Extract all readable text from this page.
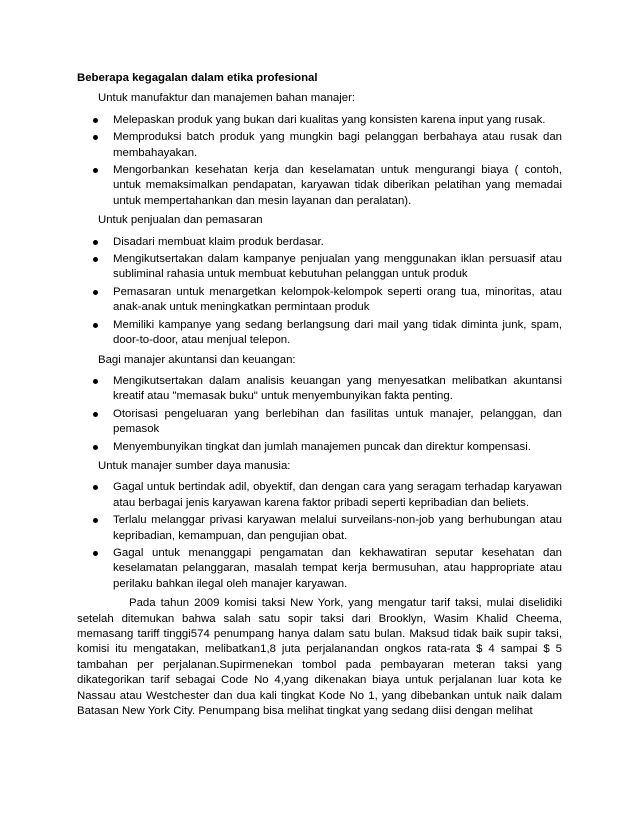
Beberapa kegagalan dalam etika profesional

Untuk manufaktur dan manajemen bahan manajer:

Melepaskan produk yang bukan dari kualitas yang konsisten karena input yang rusak.
Memproduksi batch produk yang mungkin bagi pelanggan berbahaya atau rusak dan membahayakan.
Mengorbankan kesehatan kerja dan keselamatan untuk mengurangi biaya ( contoh, untuk memaksimalkan pendapatan, karyawan tidak diberikan pelatihan yang memadai untuk mempertahankan dan mesin layanan dan peralatan).

Untuk penjualan dan pemasaran

Disadari membuat klaim produk berdasar.
Mengikutsertakan dalam kampanye penjualan yang menggunakan iklan persuasif atau subliminal rahasia untuk membuat kebutuhan pelanggan untuk produk
Pemasaran untuk menargetkan kelompok-kelompok seperti orang tua, minoritas, atau anak-anak untuk meningkatkan permintaan produk
Memiliki kampanye yang sedang berlangsung dari mail yang tidak diminta junk, spam, door-to-door, atau menjual telepon.

Bagi manajer akuntansi dan keuangan:

Mengikutsertakan dalam analisis keuangan yang menyesatkan melibatkan akuntansi kreatif atau "memasak buku" untuk menyembunyikan fakta penting.
Otorisasi pengeluaran yang berlebihan dan fasilitas untuk manajer, pelanggan, dan pemasok
Menyembunyikan tingkat dan jumlah manajemen puncak dan direktur kompensasi.

Untuk manajer sumber daya manusia:

Gagal untuk bertindak adil, obyektif, dan dengan cara yang seragam terhadap karyawan atau berbagai jenis karyawan karena faktor pribadi seperti kepribadian dan beliets.
Terlalu melanggar privasi karyawan melalui surveilans-non-job yang berhubungan atau kepribadian, kemampuan, dan pengujian obat.
Gagal untuk menanggapi pengamatan dan kekhawatiran seputar kesehatan dan keselamatan pelanggaran, masalah tempat kerja bermusuhan, atau happropriate atau perilaku bahkan ilegal oleh manajer karyawan.

Pada tahun 2009 komisi taksi New York, yang mengatur tarif taksi, mulai diselidiki setelah ditemukan bahwa salah satu sopir taksi dari Brooklyn, Wasim Khalid Cheema, memasang tariff tinggi574 penumpang hanya dalam satu bulan. Maksud tidak baik supir taksi, komisi itu mengatakan, melibatkan1,8 juta perjalanandan ongkos rata-rata $ 4 sampai $ 5 tambahan per perjalanan.Supirmenekan tombol pada pembayaran meteran taksi yang dikategorikan tarif sebagai Code No 4,yang dikenakan biaya untuk perjalanan luar kota ke Nassau atau Westchester dan dua kali tingkat Kode No 1, yang dibebankan untuk naik dalam Batasan New York City. Penumpang bisa melihat tingkat yang sedang diisi dengan melihat
